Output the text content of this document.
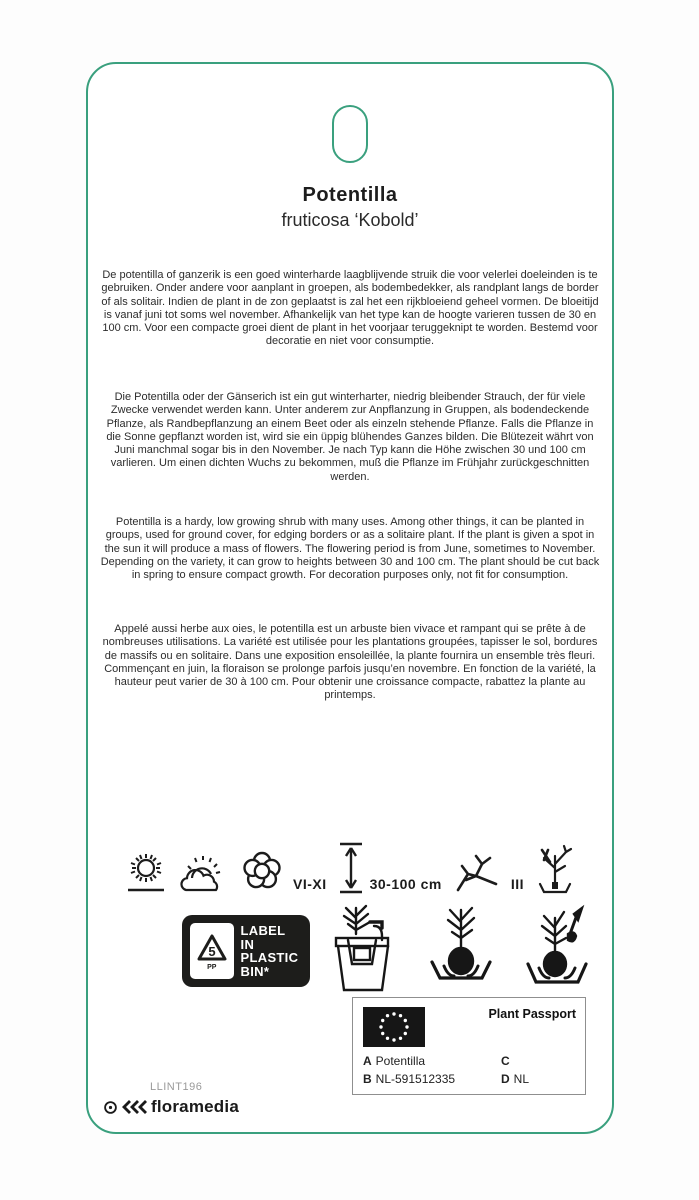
Potentilla
fruticosa ‘Kobold’
De potentilla of ganzerik is een goed winterharde laagblijvende struik die voor velerlei doeleinden is te gebruiken. Onder andere voor aanplant in groepen, als bodembedekker, als randplant langs de border of als solitair. Indien de plant in de zon geplaatst is zal het een rijkbloeiend geheel vormen. De bloeitijd is vanaf juni tot soms wel november. Afhankelijk van het type kan de hoogte varieren tussen de 30 en 100 cm. Voor een compacte groei dient de plant in het voorjaar teruggeknipt te worden. Bestemd voor decoratie en niet voor consumptie.
Die Potentilla oder der Gänserich ist ein gut winterharter, niedrig bleibender Strauch, der für viele Zwecke verwendet werden kann. Unter anderem zur Anpflanzung in Gruppen, als bodendeckende Pflanze, als Randbepflanzung an einem Beet oder als einzeln stehende Pflanze. Falls die Pflanze in die Sonne gepflanzt worden ist, wird sie ein üppig blühendes Ganzes bilden. Die Blütezeit währt von Juni manchmal sogar bis in den November. Je nach Typ kann die Höhe zwischen 30 und 100 cm varlieren. Um einen dichten Wuchs zu bekommen, muß die Pflanze im Frühjahr zurückgeschnitten werden.
Potentilla is a hardy, low growing shrub with many uses. Among other things, it can be planted in groups, used for ground cover, for edging borders or as a solitaire plant. If the plant is given a spot in the sun it will produce a mass of flowers. The flowering period is from June, sometimes to November. Depending on the variety, it can grow to heights between 30 and 100 cm. The plant should be cut back in spring to ensure compact growth. For decoration purposes only, not fit for consumption.
Appelé aussi herbe aux oies, le potentilla est un arbuste bien vivace et rampant qui se prête à de nombreuses utilisations. La variété est utilisée pour les plantations groupées, tapisser le sol, bordures de massifs ou en solitaire. Dans une exposition ensoleillée, la plante fournira un ensemble très fleuri. Commençant en juin, la floraison se prolonge parfois jusqu’en novembre. En fonction de la variété, la hauteur peut varier de 30 à 100 cm. Pour obtenir une croissance compacte, rabattez la plante au printemps.
VI-XI	30-100 cm	III
5
PP
LABEL IN
PLASTIC
BIN*
Plant Passport
A Potentilla
B NL-591512335
C
D NL
LLINT196
floramedia
